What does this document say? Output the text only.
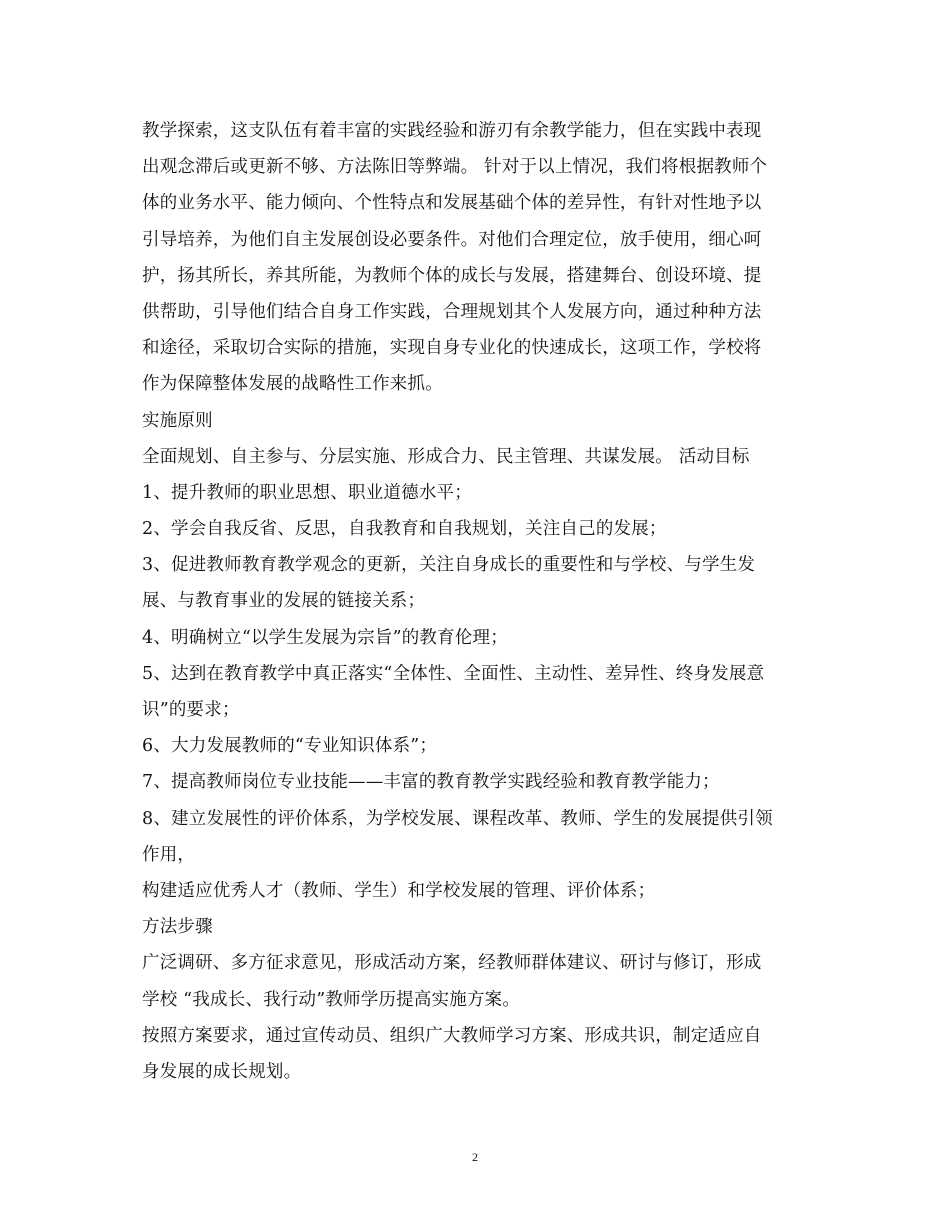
教学探索，这支队伍有着丰富的实践经验和游刃有余教学能力，但在实践中表现
出观念滞后或更新不够、方法陈旧等弊端。 针对于以上情况，我们将根据教师个
体的业务水平、能力倾向、个性特点和发展基础个体的差异性，有针对性地予以
引导培养，为他们自主发展创设必要条件。对他们合理定位，放手使用，细心呵
护，扬其所长，养其所能，为教师个体的成长与发展，搭建舞台、创设环境、提
供帮助，引导他们结合自身工作实践，合理规划其个人发展方向，通过种种方法
和途径，采取切合实际的措施，实现自身专业化的快速成长，这项工作，学校将
作为保障整体发展的战略性工作来抓。
实施原则
全面规划、自主参与、分层实施、形成合力、民主管理、共谋发展。 活动目标
1、提升教师的职业思想、职业道德水平；
2、学会自我反省、反思，自我教育和自我规划，关注自己的发展；
3、促进教师教育教学观念的更新，关注自身成长的重要性和与学校、与学生发
展、与教育事业的发展的链接关系；
4、明确树立“以学生发展为宗旨”的教育伦理；
5、达到在教育教学中真正落实“全体性、全面性、主动性、差异性、终身发展意
识”的要求；
6、大力发展教师的“专业知识体系”；
7、提高教师岗位专业技能——丰富的教育教学实践经验和教育教学能力；
8、建立发展性的评价体系，为学校发展、课程改革、教师、学生的发展提供引领
作用，
构建适应优秀人才（教师、学生）和学校发展的管理、评价体系；
方法步骤
广泛调研、多方征求意见，形成活动方案，经教师群体建议、研讨与修订，形成
学校 “我成长、我行动”教师学历提高实施方案。
按照方案要求，通过宣传动员、组织广大教师学习方案、形成共识，制定适应自
身发展的成长规划。
2
